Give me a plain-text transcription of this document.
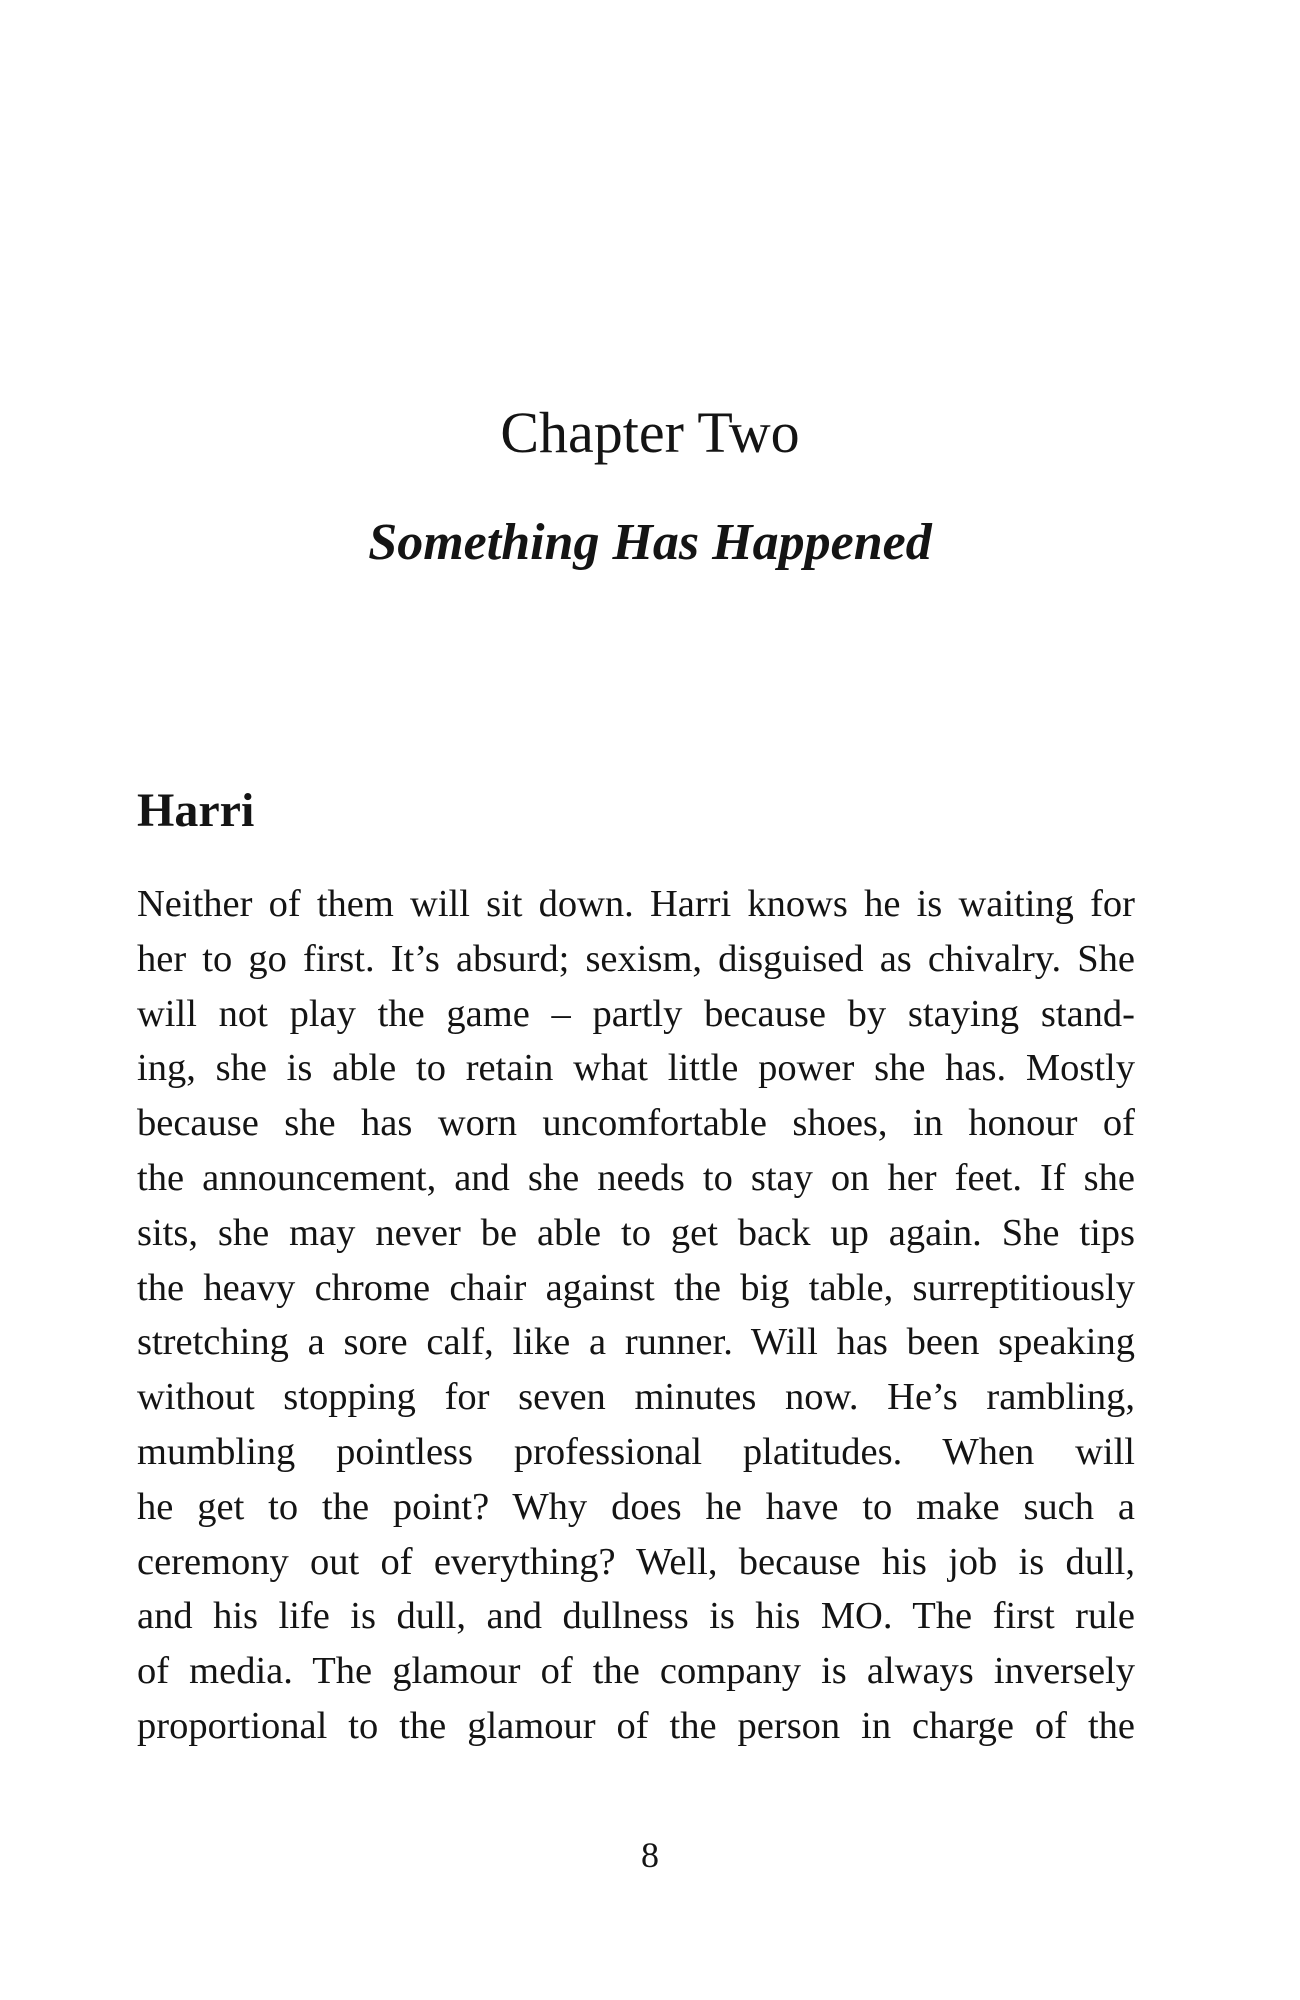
Chapter Two
Something Has Happened
Harri
Neither of them will sit down. Harri knows he is waiting for
her to go first. It’s absurd; sexism, disguised as chivalry. She
will not play the game – partly because by staying stand-
ing, she is able to retain what little power she has. Mostly
because she has worn uncomfortable shoes, in honour of
the announcement, and she needs to stay on her feet. If she
sits, she may never be able to get back up again. She tips
the heavy chrome chair against the big table, surreptitiously
stretching a sore calf, like a runner. Will has been speaking
without stopping for seven minutes now. He’s rambling,
mumbling pointless professional platitudes. When will
he get to the point? Why does he have to make such a
ceremony out of everything? Well, because his job is dull,
and his life is dull, and dullness is his MO. The first rule
of media. The glamour of the company is always inversely
proportional to the glamour of the person in charge of the
8
